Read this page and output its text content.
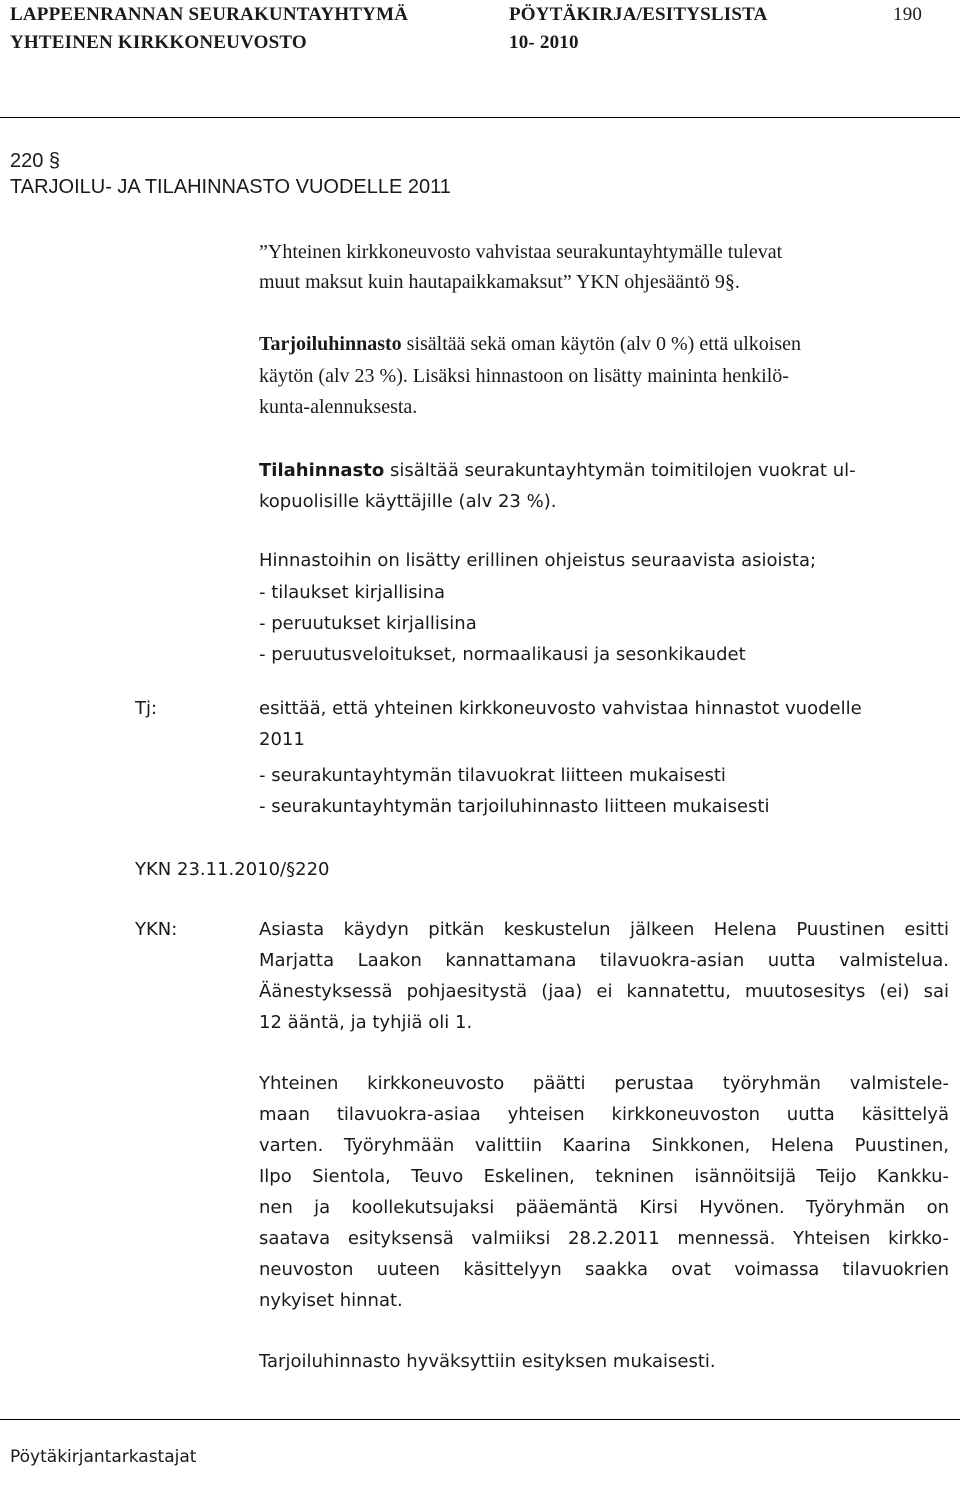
LAPPEENRANNAN SEURAKUNTAYHTYMÄ
YHTEINEN KIRKKONEUVOSTO
PÖYTÄKIRJA/ESITYSLISTA
10- 2010
190
220 §
TARJOILU- JA TILAHINNASTO VUODELLE 2011
”Yhteinen kirkkoneuvosto vahvistaa seurakuntayhtymälle tulevat
muut maksut kuin hautapaikkamaksut” YKN ohjesääntö 9§.
Tarjoiluhinnasto sisältää sekä oman käytön (alv 0 %) että ulkoisen
käytön (alv 23 %). Lisäksi hinnastoon on lisätty maininta henkilö-
kunta-alennuksesta.
Tilahinnasto sisältää seurakuntayhtymän toimitilojen vuokrat ul-
kopuolisille käyttäjille (alv 23 %).
Hinnastoihin on lisätty erillinen ohjeistus seuraavista asioista;
- tilaukset kirjallisina
- peruutukset kirjallisina
- peruutusveloitukset, normaalikausi ja sesonkikaudet
Tj:	esittää, että yhteinen kirkkoneuvosto vahvistaa hinnastot vuodelle
2011
- seurakuntayhtymän tilavuokrat liitteen mukaisesti
- seurakuntayhtymän tarjoiluhinnasto liitteen mukaisesti
YKN 23.11.2010/§220
YKN:	Asiasta käydyn pitkän keskustelun jälkeen Helena Puustinen esitti
Marjatta Laakon kannattamana tilavuokra-asian uutta valmistelua.
Äänestyksessä pohjaesitystä (jaa) ei kannatettu, muutosesitys (ei) sai
12 ääntä, ja tyhjiä oli 1.
Yhteinen kirkkoneuvosto päätti perustaa työryhmän valmistele-
maan tilavuokra-asiaa yhteisen kirkkoneuvoston uutta käsittelyä
varten. Työryhmään valittiin Kaarina Sinkkonen, Helena Puustinen,
Ilpo Sientola, Teuvo Eskelinen, tekninen isännöitsijä Teijo Kankku-
nen ja koollekutsujaksi pääemäntä Kirsi Hyvönen. Työryhmän on
saatava esityksensä valmiiksi 28.2.2011 mennessä. Yhteisen kirkko-
neuvoston uuteen käsittelyyn saakka ovat voimassa tilavuokrien
nykyiset hinnat.
Tarjoiluhinnasto hyväksyttiin esityksen mukaisesti.
Pöytäkirjantarkastajat
